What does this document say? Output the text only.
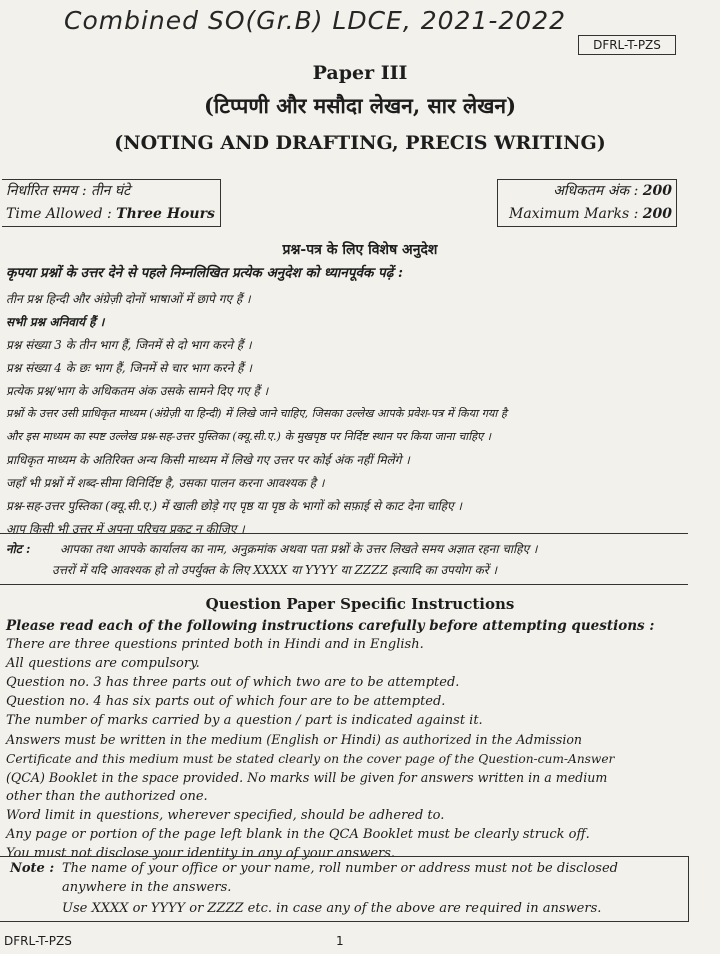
Combined SO(Gr.B) LDCE, 2021-2022
DFRL-T-PZS
Paper III
(टिप्पणी और मसौदा लेखन, सार लेखन)
(NOTING AND DRAFTING, PRECIS WRITING)
निर्धारित समय : तीन घंटे
Time Allowed : Three Hours
अधिकतम अंक : 200
Maximum Marks : 200
प्रश्न-पत्र के लिए विशेष अनुदेश
कृपया प्रश्नों के उत्तर देने से पहले निम्नलिखित प्रत्येक अनुदेश को ध्यानपूर्वक पढ़ें :
तीन प्रश्न हिन्दी और अंग्रेज़ी दोनों भाषाओं में छापे गए हैं ।
सभी प्रश्न अनिवार्य हैं ।
प्रश्न संख्या 3 के तीन भाग हैं, जिनमें से दो भाग करने हैं ।
प्रश्न संख्या 4 के छः भाग हैं, जिनमें से चार भाग करने हैं ।
प्रत्येक प्रश्न/भाग के अधिकतम अंक उसके सामने दिए गए हैं ।
प्रश्नों के उत्तर उसी प्राधिकृत माध्यम (अंग्रेज़ी या हिन्दी) में लिखे जाने चाहिए, जिसका उल्लेख आपके प्रवेश-पत्र में किया गया है
और इस माध्यम का स्पष्ट उल्लेख प्रश्न-सह-उत्तर पुस्तिका (क्यू.सी.ए.) के मुखपृष्ठ पर निर्दिष्ट स्थान पर किया जाना चाहिए ।
प्राधिकृत माध्यम के अतिरिक्त अन्य किसी माध्यम में लिखे गए उत्तर पर कोई अंक नहीं मिलेंगे ।
जहाँ भी प्रश्नों में शब्द-सीमा विनिर्दिष्ट है, उसका पालन करना आवश्यक है ।
प्रश्न-सह-उत्तर पुस्तिका (क्यू.सी.ए.) में खाली छोड़े गए पृष्ठ या पृष्ठ के भागों को सफ़ाई से काट देना चाहिए ।
आप किसी भी उत्तर में अपना परिचय प्रकट न कीजिए ।
नोट : आपका तथा आपके कार्यालय का नाम, अनुक्रमांक अथवा पता प्रश्नों के उत्तर लिखते समय अज्ञात रहना चाहिए ।
उत्तरों में यदि आवश्यक हो तो उपर्युक्त के लिए XXXX या YYYY या ZZZZ इत्यादि का उपयोग करें ।
Question Paper Specific Instructions
Please read each of the following instructions carefully before attempting questions :
There are three questions printed both in Hindi and in English.
All questions are compulsory.
Question no. 3 has three parts out of which two are to be attempted.
Question no. 4 has six parts out of which four are to be attempted.
The number of marks carried by a question / part is indicated against it.
Answers must be written in the medium (English or Hindi) as authorized in the Admission
Certificate and this medium must be stated clearly on the cover page of the Question-cum-Answer
(QCA) Booklet in the space provided. No marks will be given for answers written in a medium
other than the authorized one.
Word limit in questions, wherever specified, should be adhered to.
Any page or portion of the page left blank in the QCA Booklet must be clearly struck off.
You must not disclose your identity in any of your answers.
Note : The name of your office or your name, roll number or address must not be disclosed
anywhere in the answers.
Use XXXX or YYYY or ZZZZ etc. in case any of the above are required in answers.
DFRL-T-PZS	1
